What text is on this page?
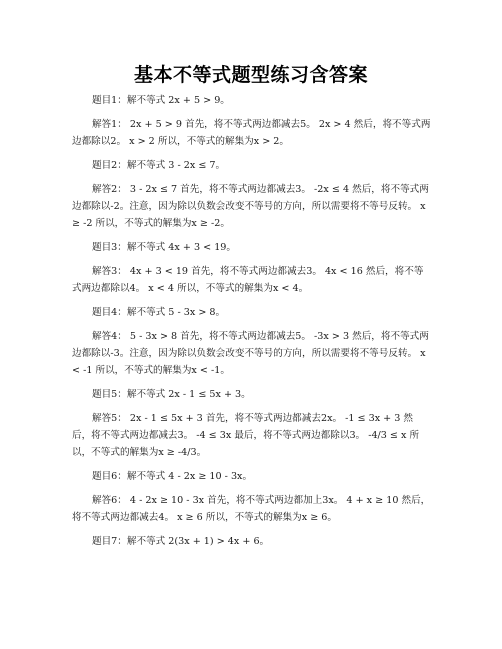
基本不等式题型练习含答案

题目1：解不等式 2x + 5 > 9。

解答1： 2x + 5 > 9 首先，将不等式两边都减去5。 2x > 4 然后，将不等式两边都除以2。 x > 2 所以，不等式的解集为x > 2。

题目2：解不等式 3 - 2x ≤ 7。

解答2： 3 - 2x ≤ 7 首先，将不等式两边都减去3。 -2x ≤ 4 然后，将不等式两边都除以-2。注意，因为除以负数会改变不等号的方向，所以需要将不等号反转。 x ≥ -2 所以，不等式的解集为x ≥ -2。

题目3：解不等式 4x + 3 < 19。

解答3： 4x + 3 < 19 首先，将不等式两边都减去3。 4x < 16 然后，将不等式两边都除以4。 x < 4 所以，不等式的解集为x < 4。

题目4：解不等式 5 - 3x > 8。

解答4： 5 - 3x > 8 首先，将不等式两边都减去5。 -3x > 3 然后，将不等式两边都除以-3。注意，因为除以负数会改变不等号的方向，所以需要将不等号反转。 x < -1 所以，不等式的解集为x < -1。

题目5：解不等式 2x - 1 ≤ 5x + 3。

解答5： 2x - 1 ≤ 5x + 3 首先，将不等式两边都减去2x。 -1 ≤ 3x + 3 然后，将不等式两边都减去3。 -4 ≤ 3x 最后，将不等式两边都除以3。 -4/3 ≤ x 所以，不等式的解集为x ≥ -4/3。

题目6：解不等式 4 - 2x ≥ 10 - 3x。

解答6： 4 - 2x ≥ 10 - 3x 首先，将不等式两边都加上3x。 4 + x ≥ 10 然后，将不等式两边都减去4。 x ≥ 6 所以，不等式的解集为x ≥ 6。

题目7：解不等式 2(3x + 1) > 4x + 6。
